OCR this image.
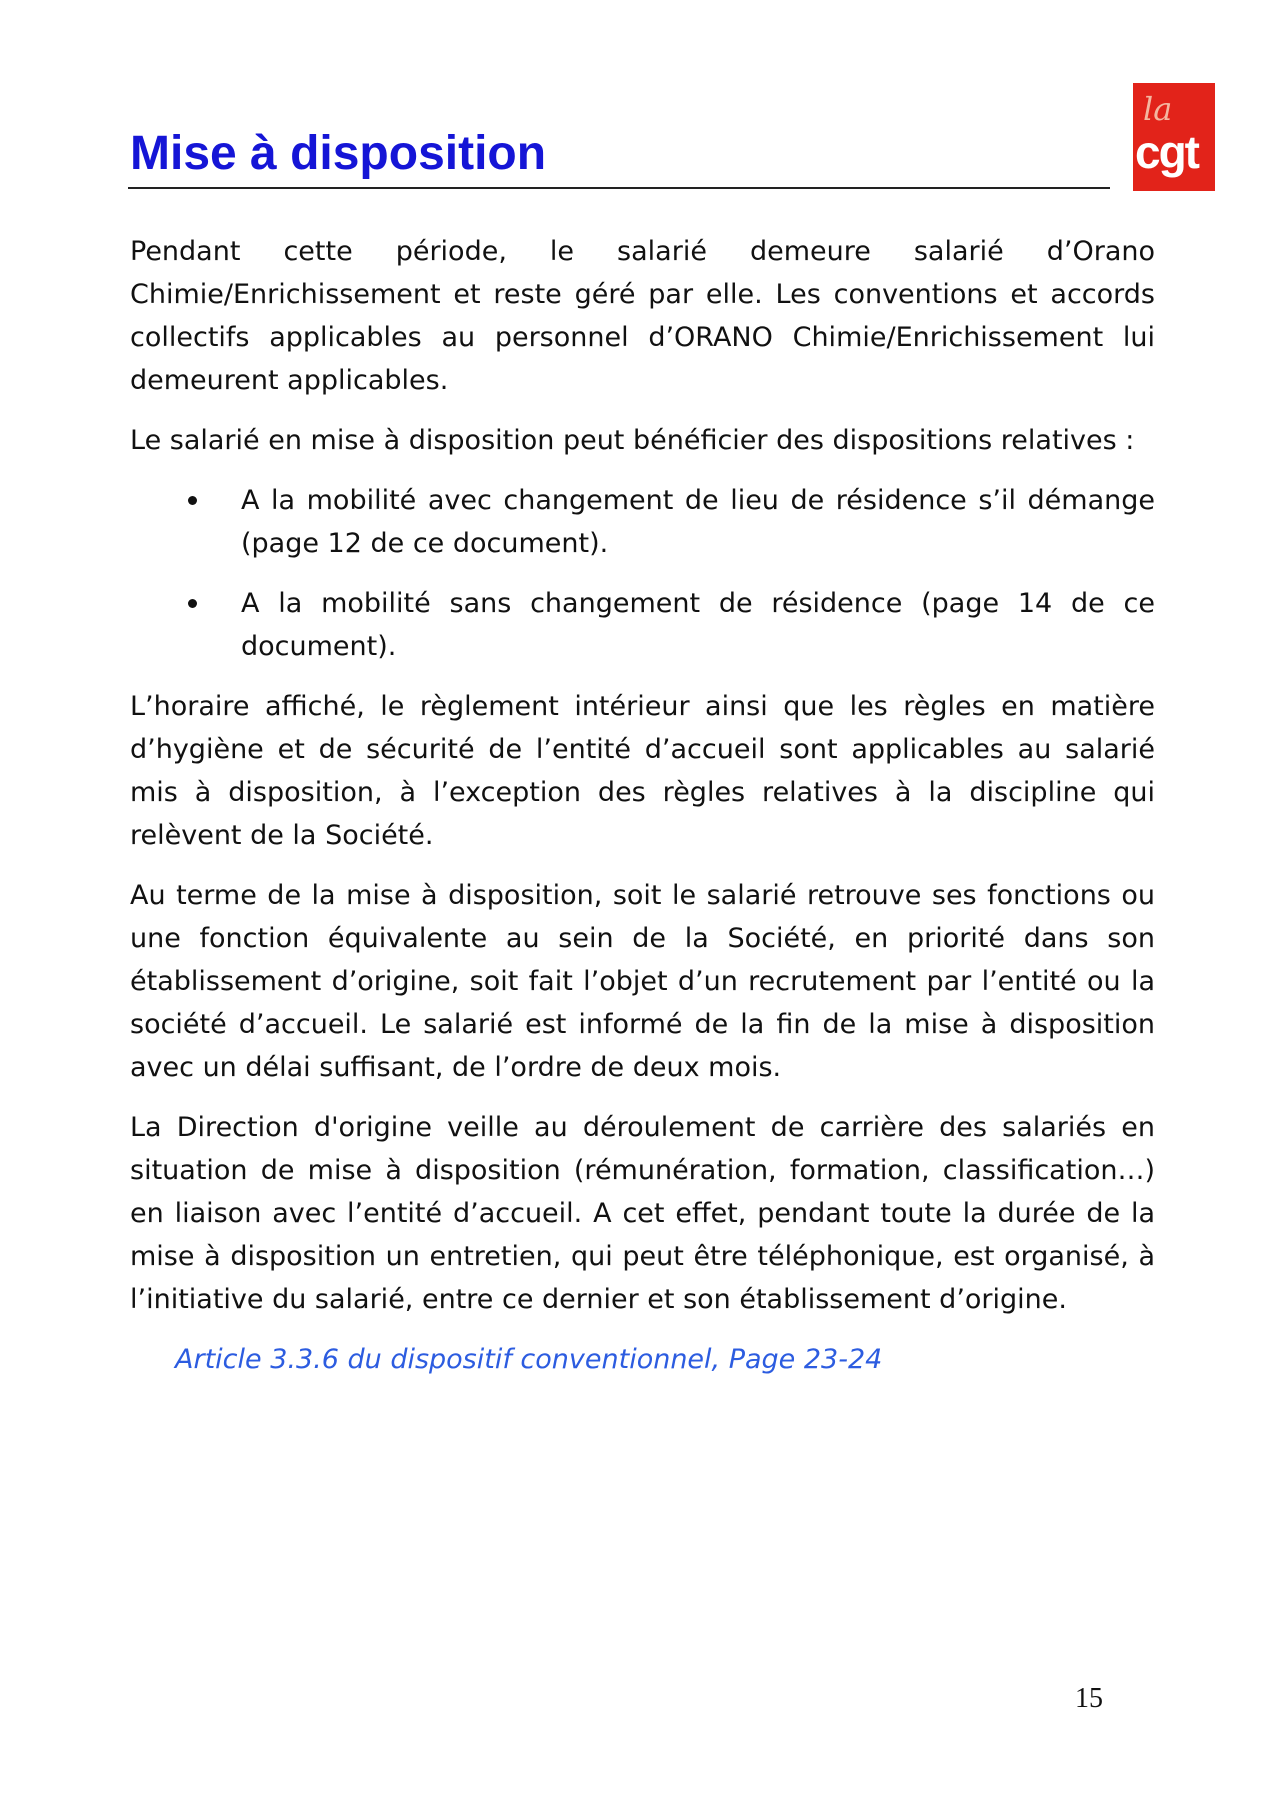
Mise à disposition
la
cgt

Pendant cette période, le salarié demeure salarié d’Orano Chimie/Enrichissement et reste géré par elle. Les conventions et accords collectifs applicables au personnel d’ORANO Chimie/Enrichissement lui demeurent applicables.

Le salarié en mise à disposition peut bénéficier des dispositions relatives :

A la mobilité avec changement de lieu de résidence s’il démange (page 12 de ce document).
A la mobilité sans changement de résidence (page 14 de ce document).

L’horaire affiché, le règlement intérieur ainsi que les règles en matière d’hygiène et de sécurité de l’entité d’accueil sont applicables au salarié mis à disposition, à l’exception des règles relatives à la discipline qui relèvent de la Société.

Au terme de la mise à disposition, soit le salarié retrouve ses fonctions ou une fonction équivalente au sein de la Société, en priorité dans son établissement d’origine, soit fait l’objet d’un recrutement par l’entité ou la société d’accueil. Le salarié est informé de la fin de la mise à disposition avec un délai suffisant, de l’ordre de deux mois.

La Direction d'origine veille au déroulement de carrière des salariés en situation de mise à disposition (rémunération, formation, classification…) en liaison avec l’entité d’accueil. A cet effet, pendant toute la durée de la mise à disposition un entretien, qui peut être téléphonique, est organisé, à l’initiative du salarié, entre ce dernier et son établissement d’origine.

Article 3.3.6 du dispositif conventionnel, Page 23-24

15
